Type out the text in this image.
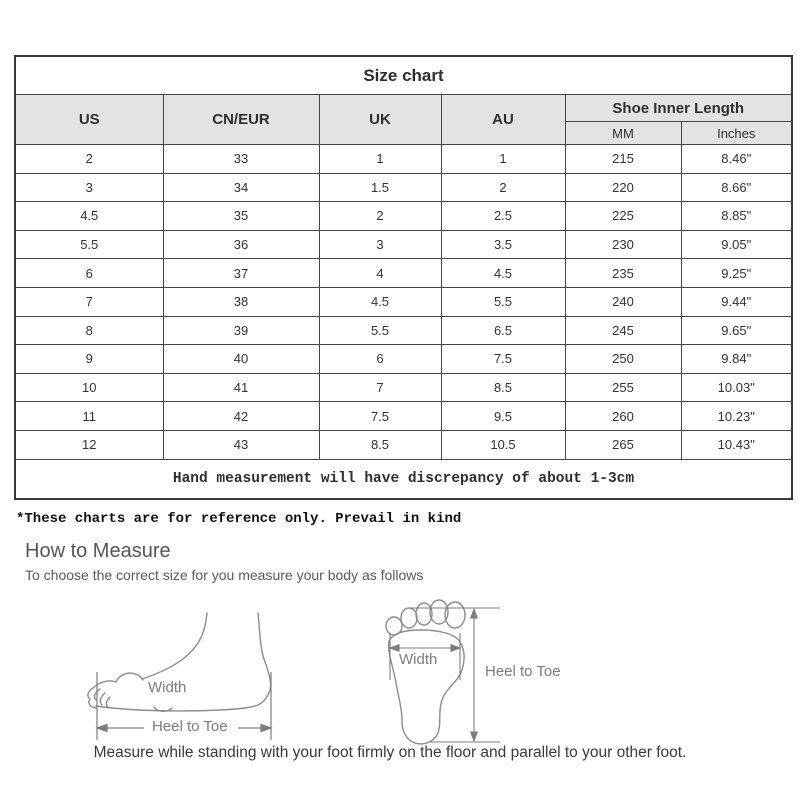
Size chart					
US	CN/EUR	UK	AU	Shoe Inner Length	
				MM	Inches
2	33	1	1	215	8.46"
3	34	1.5	2	220	8.66"
4.5	35	2	2.5	225	8.85"
5.5	36	3	3.5	230	9.05"
6	37	4	4.5	235	9.25"
7	38	4.5	5.5	240	9.44"
8	39	5.5	6.5	245	9.65"
9	40	6	7.5	250	9.84"
10	41	7	8.5	255	10.03"
11	42	7.5	9.5	260	10.23"
12	43	8.5	10.5	265	10.43"
Hand measurement will have discrepancy of about 1-3cm					
*These charts are for reference only. Prevail in kind
How to Measure
To choose the correct size for you measure your body as follows
Width
Heel to Toe
Width
Heel to Toe
Measure while standing with your foot firmly on the floor and parallel to your other foot.
